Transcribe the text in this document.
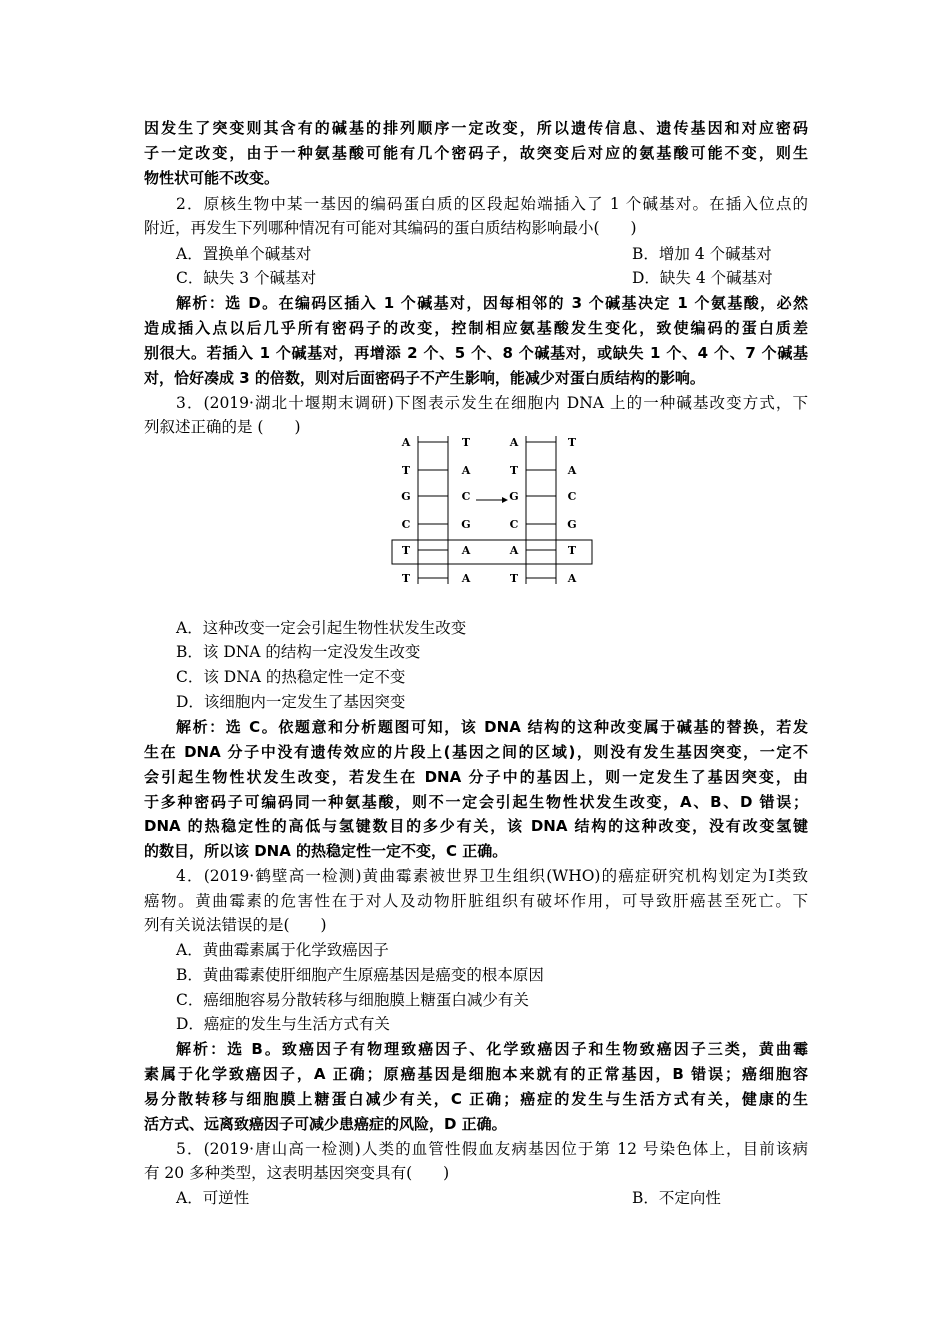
因发生了突变则其含有的碱基的排列顺序一定改变，所以遗传信息、遗传基因和对应密码
子一定改变，由于一种氨基酸可能有几个密码子，故突变后对应的氨基酸可能不变，则生
物性状可能不改变。
2．原核生物中某一基因的编码蛋白质的区段起始端插入了 1 个碱基对。在插入位点的
附近，再发生下列哪种情况有可能对其编码的蛋白质结构影响最小(　　)
A．置换单个碱基对	B．增加 4 个碱基对
C．缺失 3 个碱基对	D．缺失 4 个碱基对
解析：选 D。在编码区插入 1 个碱基对，因每相邻的 3 个碱基决定 1 个氨基酸，必然
造成插入点以后几乎所有密码子的改变，控制相应氨基酸发生变化，致使编码的蛋白质差
别很大。若插入 1 个碱基对，再增添 2 个、5 个、8 个碱基对，或缺失 1 个、4 个、7 个碱基
对，恰好凑成 3 的倍数，则对后面密码子不产生影响，能减少对蛋白质结构的影响。
3．(2019·湖北十堰期末调研)下图表示发生在细胞内 DNA 上的一种碱基改变方式，下
列叙述正确的是 (　　)
A
T
G
C
T
T
T
A
C
G
A
A
A
T
G
C
A
T
T
A
C
G
T
A
A．这种改变一定会引起生物性状发生改变
B．该 DNA 的结构一定没发生改变
C．该 DNA 的热稳定性一定不变
D．该细胞内一定发生了基因突变
解析：选 C。依题意和分析题图可知，该 DNA 结构的这种改变属于碱基的替换，若发
生在 DNA 分子中没有遗传效应的片段上(基因之间的区域)，则没有发生基因突变，一定不
会引起生物性状发生改变，若发生在 DNA 分子中的基因上，则一定发生了基因突变，由
于多种密码子可编码同一种氨基酸，则不一定会引起生物性状发生改变，A、B、D 错误；
DNA 的热稳定性的高低与氢键数目的多少有关，该 DNA 结构的这种改变，没有改变氢键
的数目，所以该 DNA 的热稳定性一定不变，C 正确。
4．(2019·鹤壁高一检测)黄曲霉素被世界卫生组织(WHO)的癌症研究机构划定为Ⅰ类致
癌物。黄曲霉素的危害性在于对人及动物肝脏组织有破坏作用，可导致肝癌甚至死亡。下
列有关说法错误的是(　　)
A．黄曲霉素属于化学致癌因子
B．黄曲霉素使肝细胞产生原癌基因是癌变的根本原因
C．癌细胞容易分散转移与细胞膜上糖蛋白减少有关
D．癌症的发生与生活方式有关
解析：选 B。致癌因子有物理致癌因子、化学致癌因子和生物致癌因子三类，黄曲霉
素属于化学致癌因子，A 正确；原癌基因是细胞本来就有的正常基因，B 错误；癌细胞容
易分散转移与细胞膜上糖蛋白减少有关，C 正确；癌症的发生与生活方式有关，健康的生
活方式、远离致癌因子可减少患癌症的风险，D 正确。
5．(2019·唐山高一检测)人类的血管性假血友病基因位于第 12 号染色体上，目前该病
有 20 多种类型，这表明基因突变具有(　　)
A．可逆性	B．不定向性
